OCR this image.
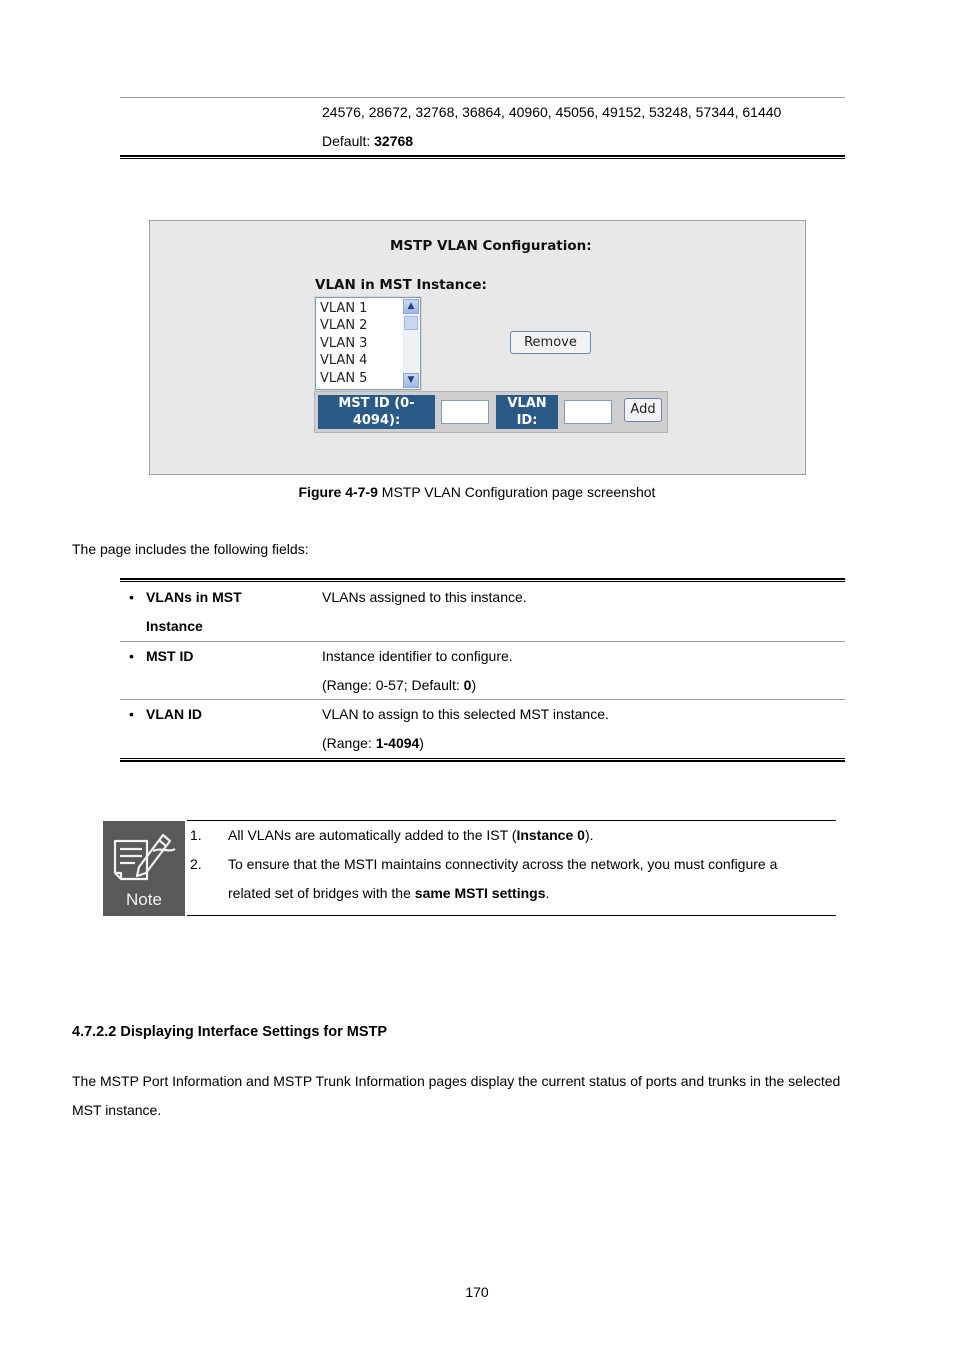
24576, 28672, 32768, 36864, 40960, 45056, 49152, 53248, 57344, 61440
Default: 32768
MSTP VLAN Configuration:
VLAN in MST Instance:
VLAN 1
VLAN 2
VLAN 3
VLAN 4
VLAN 5
▲
▼
Remove
MST ID (0-
4094):
VLAN
ID:
Add
Figure 4-7-9 MSTP VLAN Configuration page screenshot
The page includes the following fields:
• VLANs in MST
Instance
VLANs assigned to this instance.
• MST ID	Instance identifier to configure.
(Range: 0-57; Default: 0)
• VLAN ID	VLAN to assign to this selected MST instance.
(Range: 1-4094)
Note
1. All VLANs are automatically added to the IST (Instance 0).
2. To ensure that the MSTI maintains connectivity across the network, you must configure a
related set of bridges with the same MSTI settings.
4.7.2.2 Displaying Interface Settings for MSTP
The MSTP Port Information and MSTP Trunk Information pages display the current status of ports and trunks in the selected
MST instance.
170
